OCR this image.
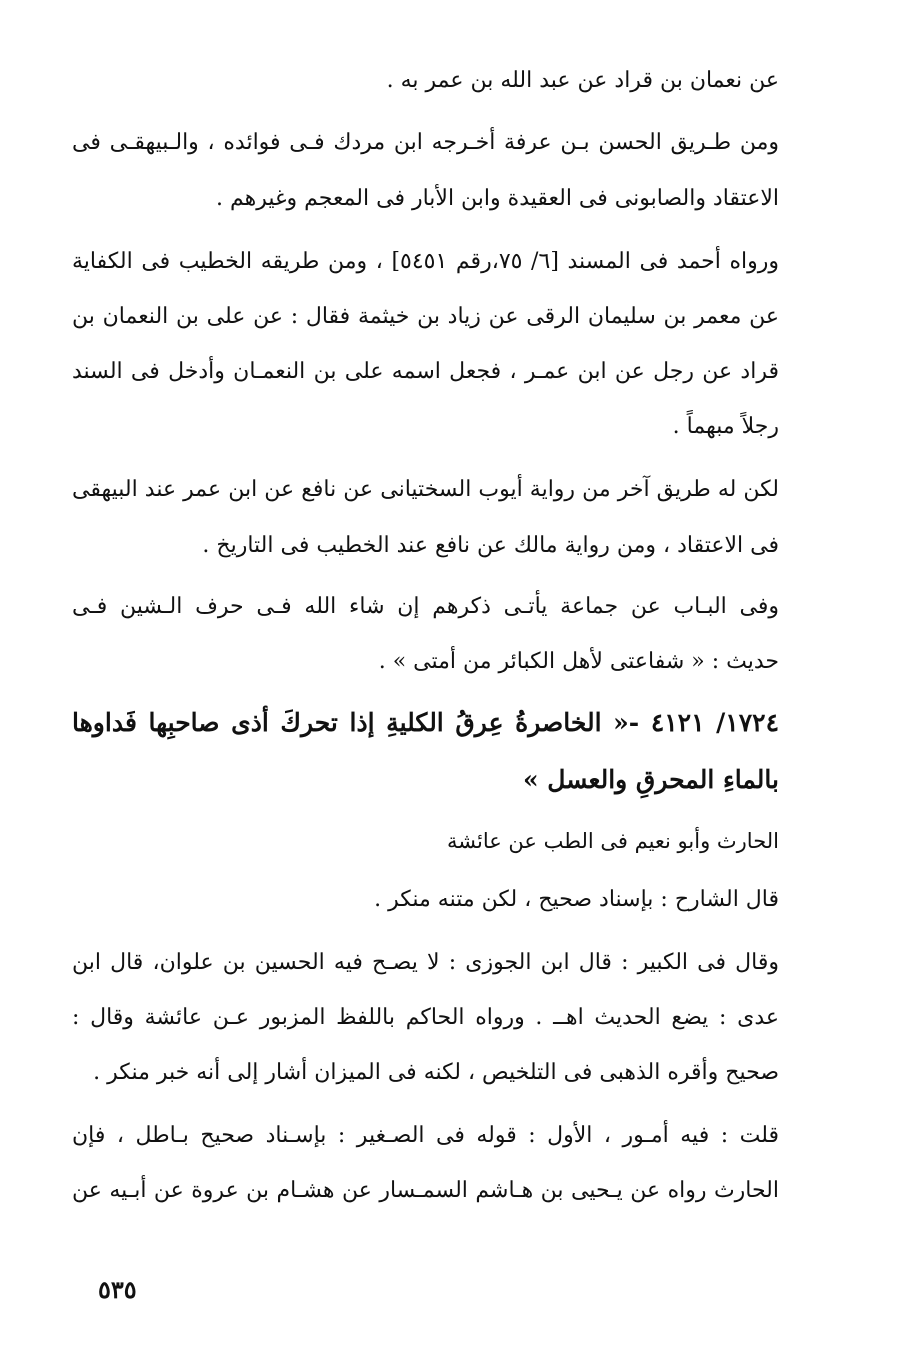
عن نعمان بن قراد عن عبد الله بن عمر به .
ومن طـريق الحسن بـن عرفة أخـرجه ابن مردك فـى فوائده ، والـبيهقـى فى
الاعتقاد والصابونى فى العقيدة وابن الأبار فى المعجم وغيرهم .
ورواه أحمد فى المسند [٦/ ٧٥،رقم ٥٤٥١] ، ومن طريقه الخطيب فى الكفاية
عن معمر بن سليمان الرقى عن زياد بن خيثمة فقال : عن على بن النعمان بن
قراد عن رجل عن ابن عمـر ، فجعل اسمه على بن النعمـان وأدخل فى السند
رجلاً مبهماً .
لكن له طريق آخر من رواية أيوب السختيانى عن نافع عن ابن عمر عند البيهقى
فى الاعتقاد ، ومن رواية مالك عن نافع عند الخطيب فى التاريخ .
وفى البـاب عن جماعة يأتـى ذكرهم إن شاء الله فـى حرف الـشين فـى
حديث : « شفاعتى لأهل الكبائر من أمتى » .
١٧٢٤/ ٤١٢١ -« الخاصرةُ عِرقُ الكليةِ إذا تحركَ أذى صاحبِها فَداوها
بالماءِ المحرقِ والعسل »
الحارث وأبو نعيم فى الطب عن عائشة
قال الشارح : بإسناد صحيح ، لكن متنه منكر .
وقال فى الكبير : قال ابن الجوزى : لا يصـح فيه الحسين بن علوان، قال ابن
عدى : يضع الحديث اهــ . ورواه الحاكم باللفظ المزبور عـن عائشة وقال :
صحيح وأقره الذهبى فى التلخيص ، لكنه فى الميزان أشار إلى أنه خبر منكر .
قلت : فيه أمـور ، الأول : قوله فى الصـغير : بإسـناد صحيح بـاطل ، فإن
الحارث رواه عن يـحيى بن هـاشم السمـسار عن هشـام بن عروة عن أبـيه عن
٥٣٥
